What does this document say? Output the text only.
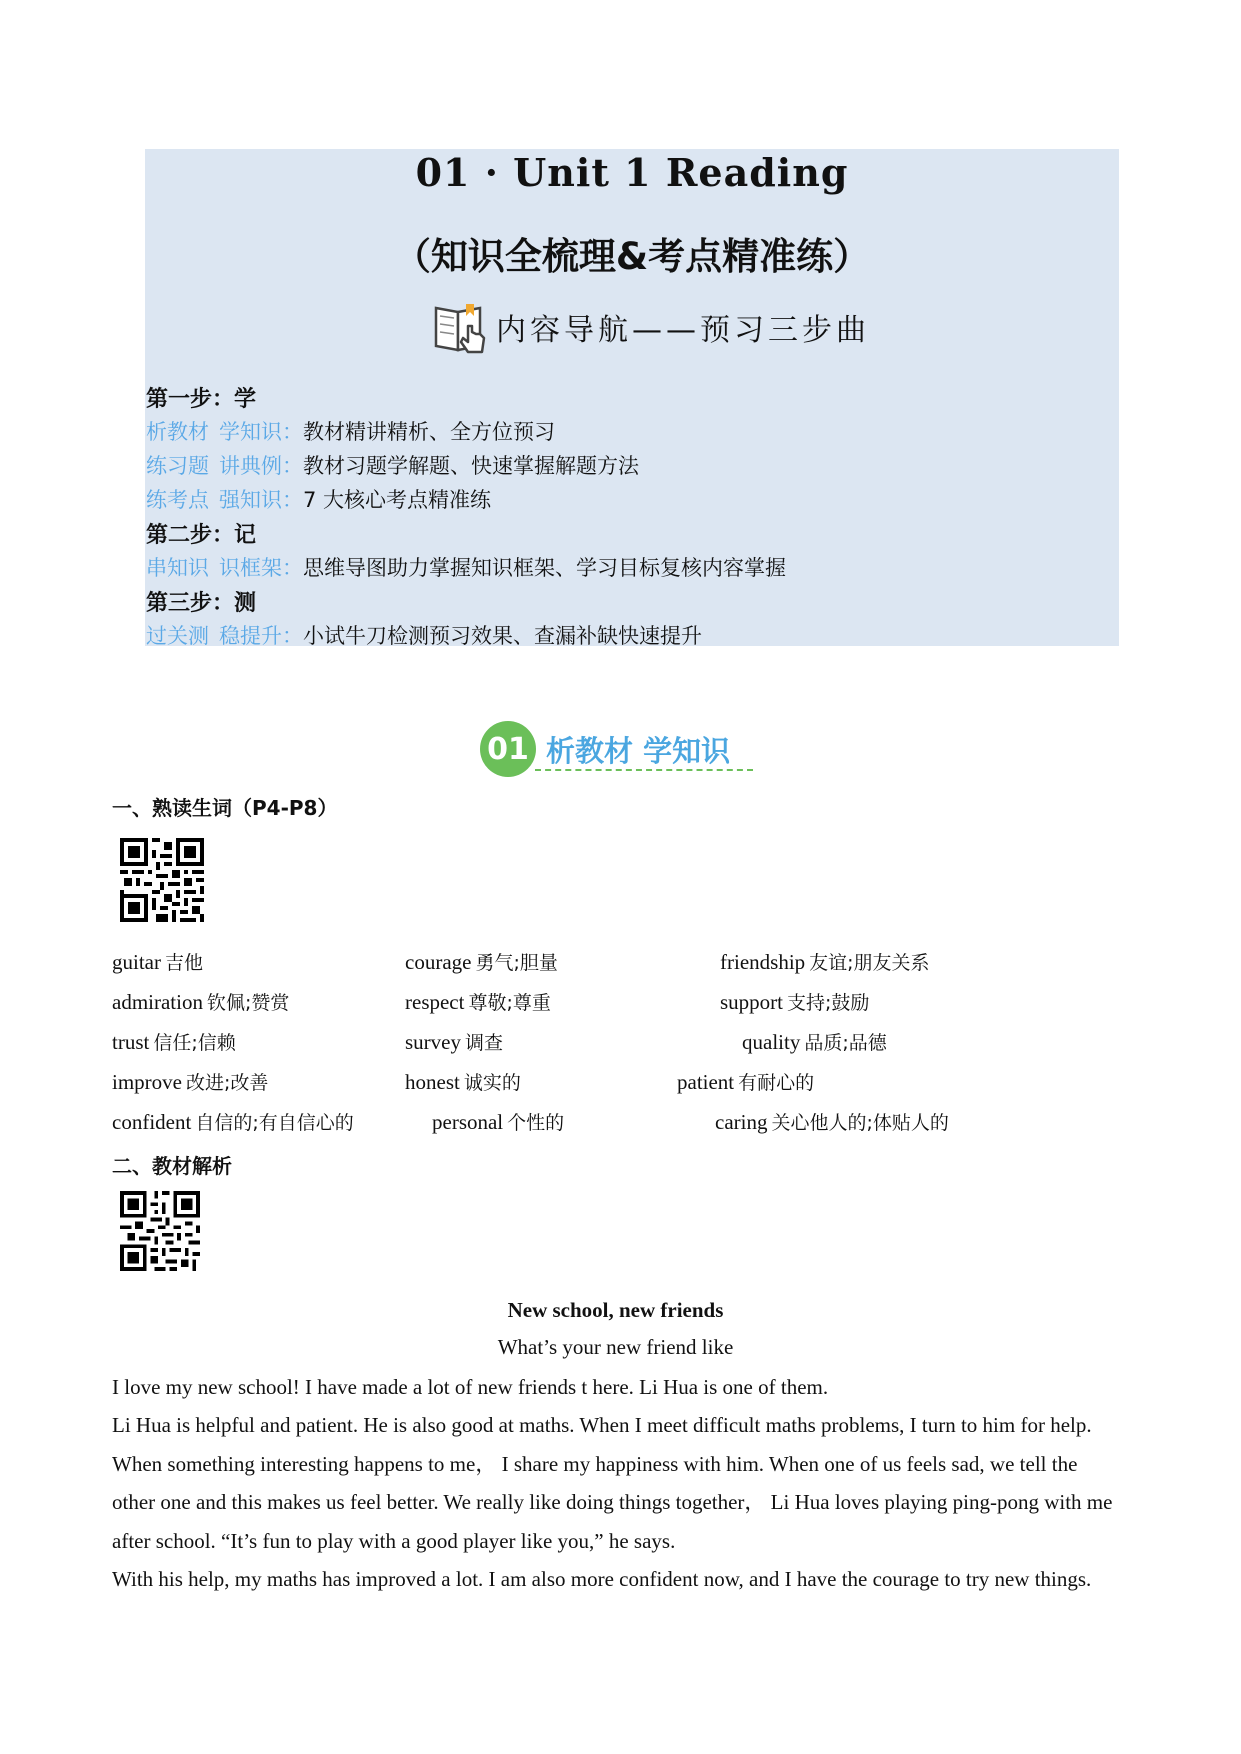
01 · Unit 1 Reading
（知识全梳理&考点精准练）
内容导航——预习三步曲
第一步：学
析教材 学知识：教材精讲精析、全方位预习
练习题 讲典例：教材习题学解题、快速掌握解题方法
练考点 强知识：7 大核心考点精准练
第二步：记
串知识 识框架：思维导图助力掌握知识框架、学习目标复核内容掌握
第三步：测
过关测 稳提升：小试牛刀检测预习效果、查漏补缺快速提升
01 析教材 学知识
一、熟读生词（P4-P8）
guitar 吉他	courage 勇气;胆量	friendship 友谊;朋友关系
admiration 钦佩;赞赏	respect 尊敬;尊重	support 支持;鼓励
trust 信任;信赖	survey 调查	quality 品质;品德
improve 改进;改善	honest 诚实的	patient 有耐心的
confident 自信的;有自信心的	personal 个性的	caring 关心他人的;体贴人的
二、教材解析
New school, new friends
What’s your new friend like
I love my new school! I have made a lot of new friends t here. Li Hua is one of them.
Li Hua is helpful and patient. He is also good at maths. When I meet difficult maths problems, I turn to him for help. When something interesting happens to me， I share my happiness with him. When one of us feels sad, we tell the other one and this makes us feel better. We really like doing things together， Li Hua loves playing ping-pong with me after school. “It’s fun to play with a good player like you,” he says.
With his help, my maths has improved a lot. I am also more confident now, and I have the courage to try new things.
